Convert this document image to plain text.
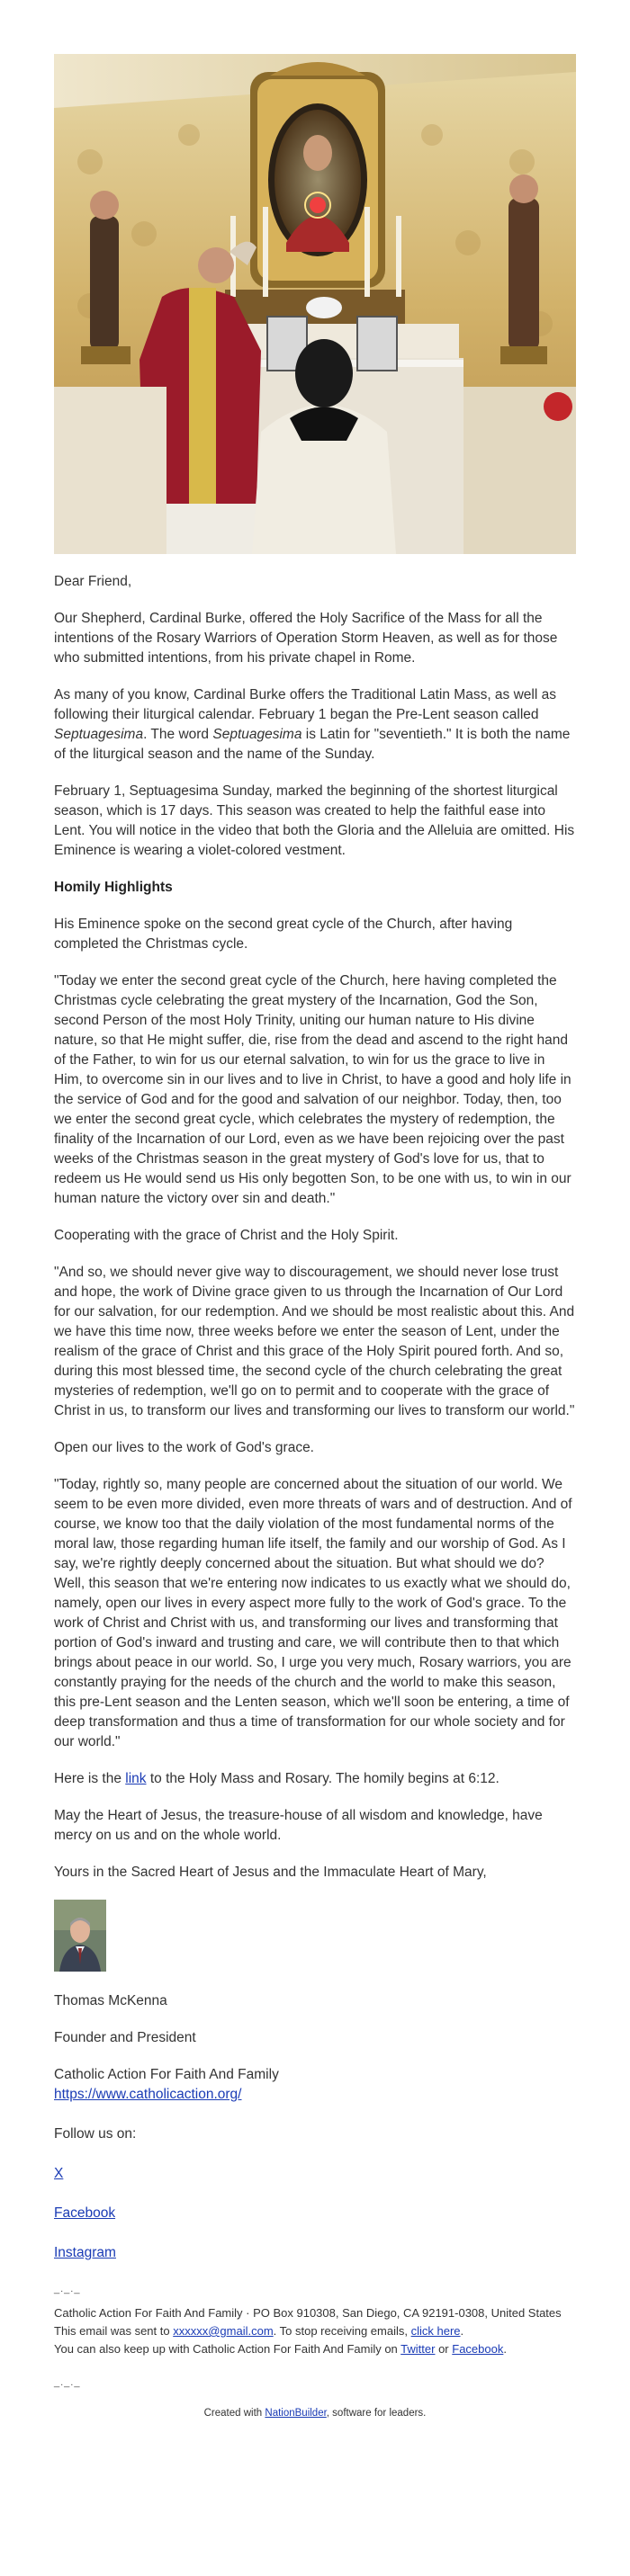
Dear Friend,

Our Shepherd, Cardinal Burke, offered the Holy Sacrifice of the Mass for all the intentions of the Rosary Warriors of Operation Storm Heaven, as well as for those who submitted intentions, from his private chapel in Rome.

As many of you know, Cardinal Burke offers the Traditional Latin Mass, as well as following their liturgical calendar. February 1 began the Pre-Lent season called Septuagesima. The word Septuagesima is Latin for "seventieth." It is both the name of the liturgical season and the name of the Sunday.

February 1, Septuagesima Sunday, marked the beginning of the shortest liturgical season, which is 17 days. This season was created to help the faithful ease into Lent. You will notice in the video that both the Gloria and the Alleluia are omitted. His Eminence is wearing a violet-colored vestment.

Homily Highlights

His Eminence spoke on the second great cycle of the Church, after having completed the Christmas cycle.

"Today we enter the second great cycle of the Church, here having completed the Christmas cycle celebrating the great mystery of the Incarnation, God the Son, second Person of the most Holy Trinity, uniting our human nature to His divine nature, so that He might suffer, die, rise from the dead and ascend to the right hand of the Father, to win for us our eternal salvation, to win for us the grace to live in Him, to overcome sin in our lives and to live in Christ, to have a good and holy life in the service of God and for the good and salvation of our neighbor. Today, then, too we enter the second great cycle, which celebrates the mystery of redemption, the finality of the Incarnation of our Lord, even as we have been rejoicing over the past weeks of the Christmas season in the great mystery of God's love for us, that to redeem us He would send us His only begotten Son, to be one with us, to win in our human nature the victory over sin and death."

Cooperating with the grace of Christ and the Holy Spirit.

"And so, we should never give way to discouragement, we should never lose trust and hope, the work of Divine grace given to us through the Incarnation of Our Lord for our salvation, for our redemption. And we should be most realistic about this. And we have this time now, three weeks before we enter the season of Lent, under the realism of the grace of Christ and this grace of the Holy Spirit poured forth. And so, during this most blessed time, the second cycle of the church celebrating the great mysteries of redemption, we'll go on to permit and to cooperate with the grace of Christ in us, to transform our lives and transforming our lives to transform our world."

Open our lives to the work of God's grace.

"Today, rightly so, many people are concerned about the situation of our world. We seem to be even more divided, even more threats of wars and of destruction. And of course, we know too that the daily violation of the most fundamental norms of the moral law, those regarding human life itself, the family and our worship of God. As I say, we're rightly deeply concerned about the situation. But what should we do? Well, this season that we're entering now indicates to us exactly what we should do, namely, open our lives in every aspect more fully to the work of God's grace. To the work of Christ and Christ with us, and transforming our lives and transforming that portion of God's inward and trusting and care, we will contribute then to that which brings about peace in our world. So, I urge you very much, Rosary warriors, you are constantly praying for the needs of the church and the world to make this season, this pre-Lent season and the Lenten season, which we'll soon be entering, a time of deep transformation and thus a time of transformation for our whole society and for our world."

Here is the link to the Holy Mass and Rosary. The homily begins at 6:12.

May the Heart of Jesus, the treasure-house of all wisdom and knowledge, have mercy on us and on the whole world.

Yours in the Sacred Heart of Jesus and the Immaculate Heart of Mary,

Thomas McKenna

Founder and President

Catholic Action For Faith And Family
https://www.catholicaction.org/

Follow us on:

X

Facebook

Instagram

_._._

Catholic Action For Faith And Family · PO Box 910308, San Diego, CA 92191-0308, United States

This email was sent to xxxxxx@gmail.com. To stop receiving emails, click here.

You can also keep up with Catholic Action For Faith And Family on Twitter or Facebook.

_._._
Created with NationBuilder, software for leaders.
